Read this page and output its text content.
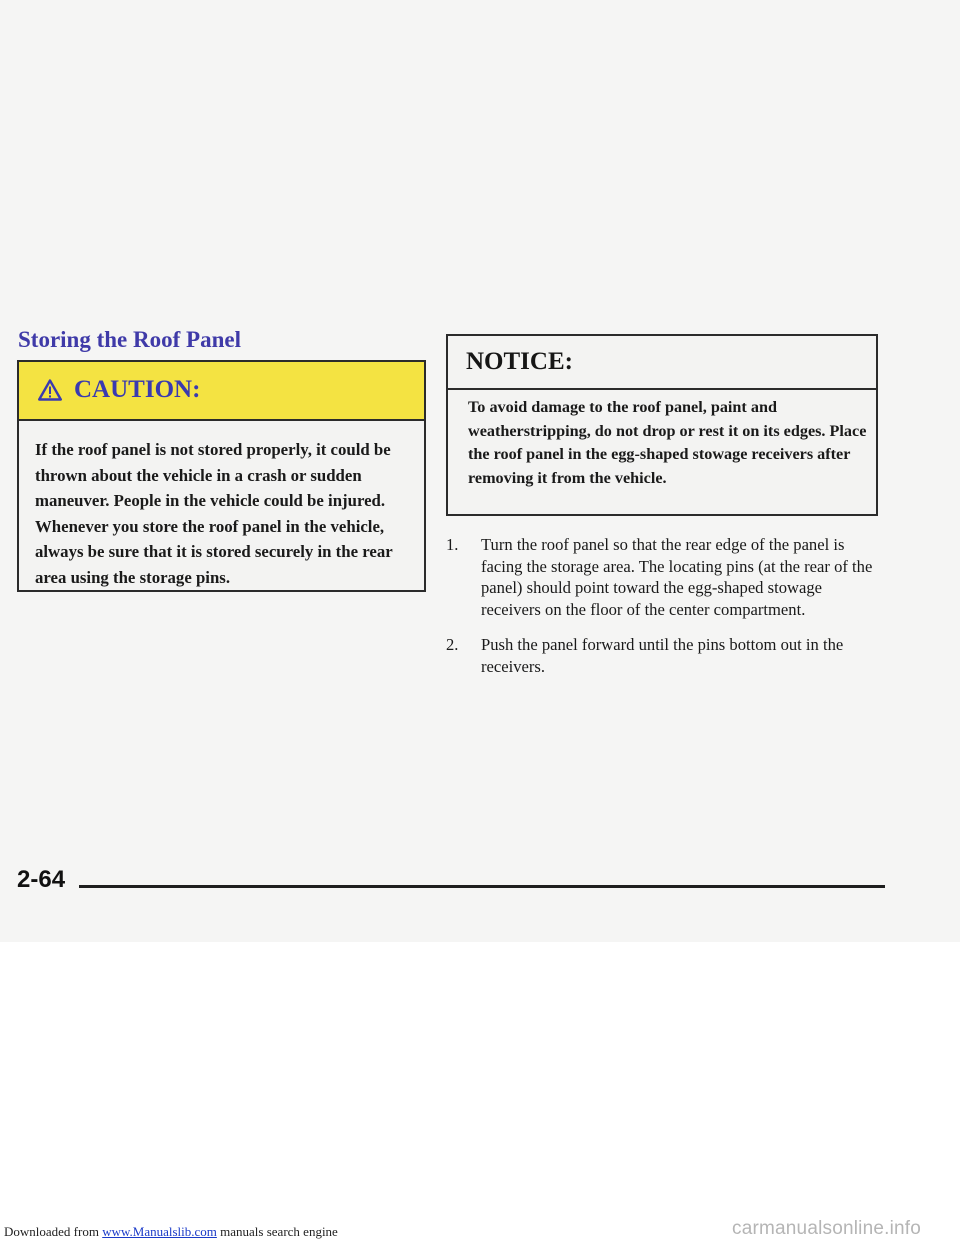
Storing the Roof Panel
CAUTION:

If the roof panel is not stored properly, it could be thrown about the vehicle in a crash or sudden maneuver. People in the vehicle could be injured. Whenever you store the roof panel in the vehicle, always be sure that it is stored securely in the rear area using the storage pins.

NOTICE:

To avoid damage to the roof panel, paint and weatherstripping, do not drop or rest it on its edges. Place the roof panel in the egg-shaped stowage receivers after removing it from the vehicle.

1. Turn the roof panel so that the rear edge of the panel is facing the storage area. The locating pins (at the rear of the panel) should point toward the egg-shaped stowage receivers on the floor of the center compartment.
2. Push the panel forward until the pins bottom out in the receivers.
2-64
Downloaded from www.Manualslib.com manuals search engine	carmanualsonline.info
